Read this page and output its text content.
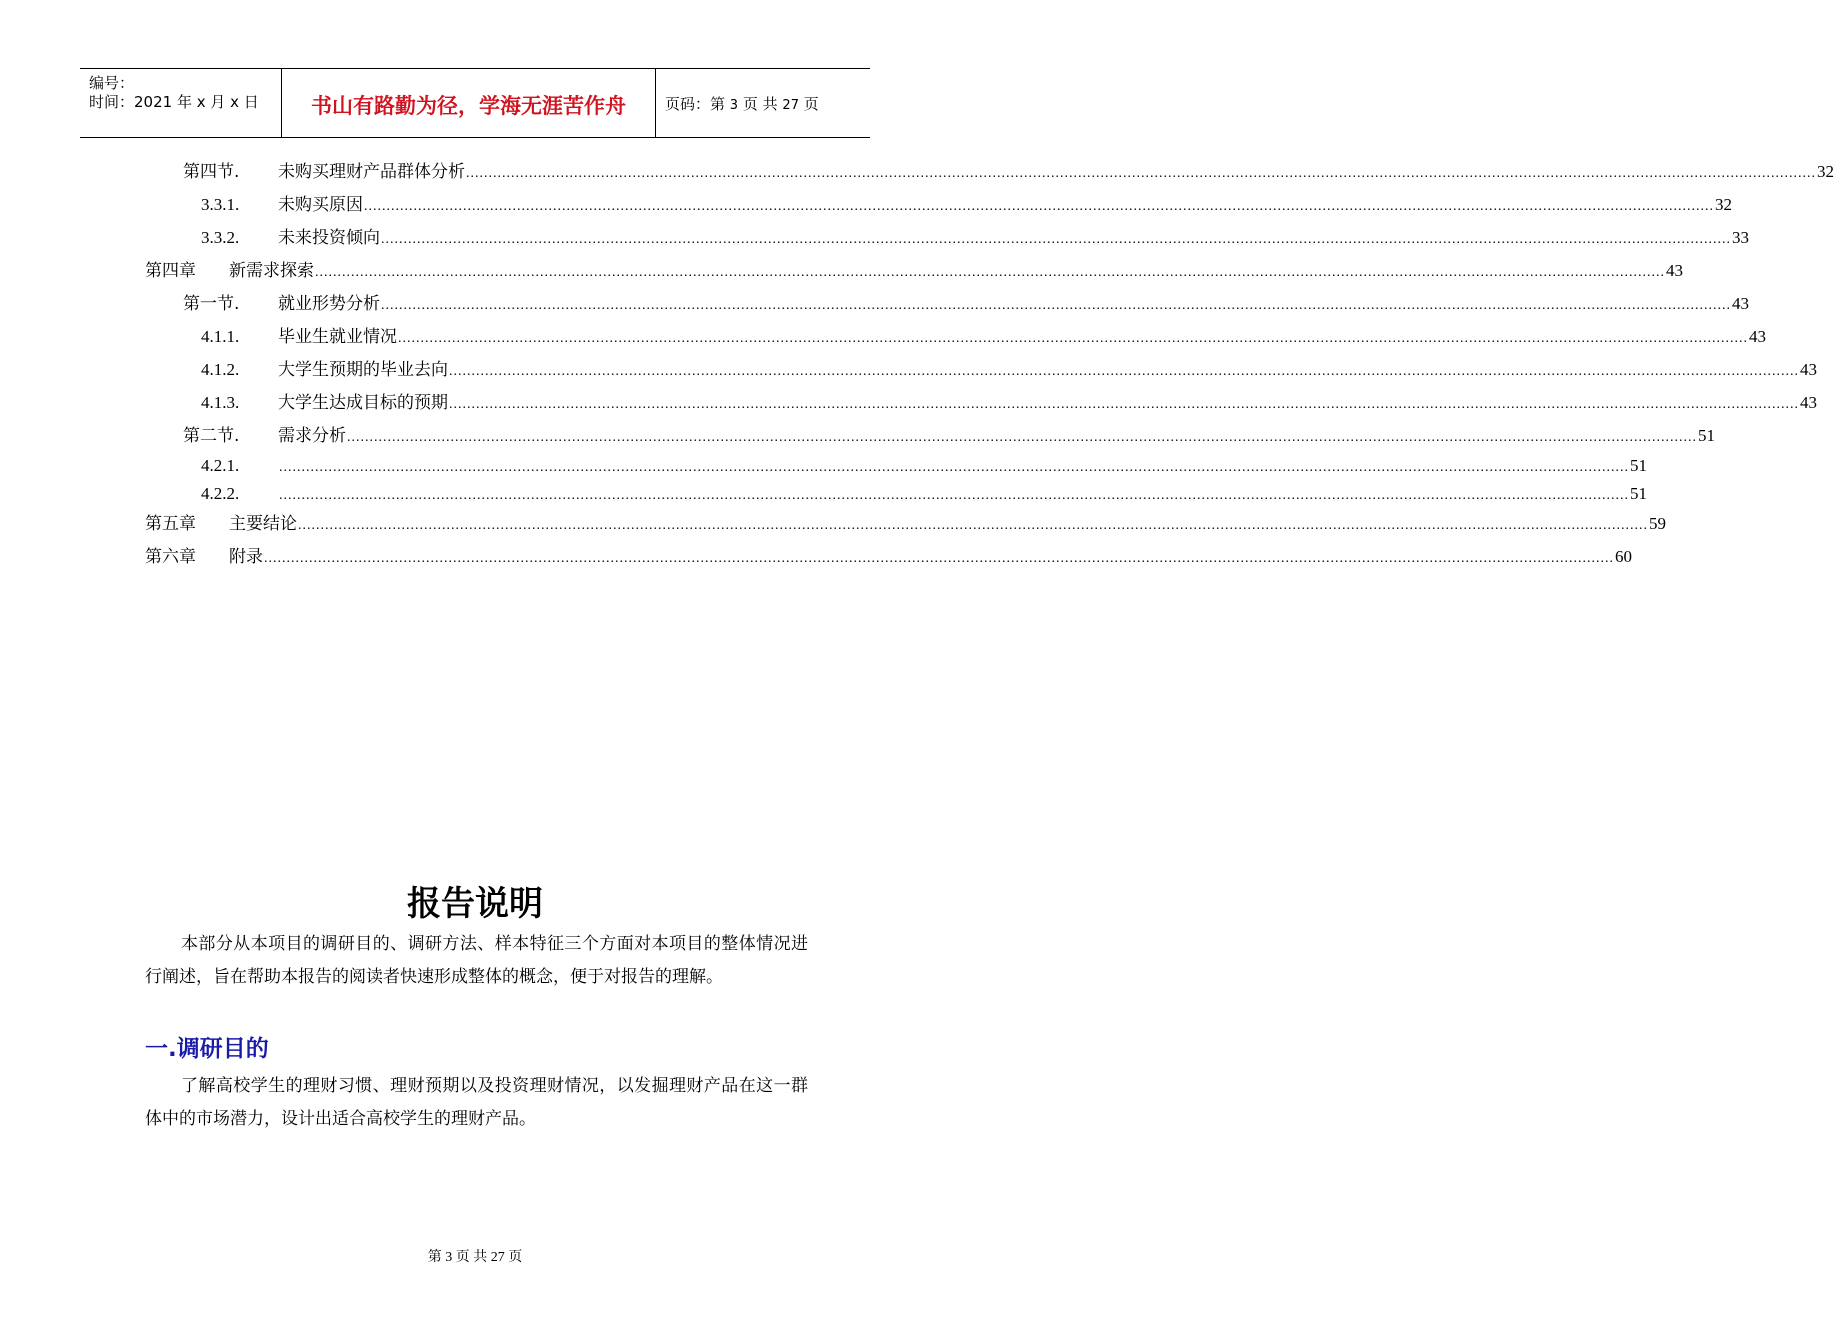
编号：
时间：2021 年 x 月 x 日	书山有路勤为径，学海无涯苦作舟	页码：第 3 页 共 27 页
第四节. 未购买理财产品群体分析 ............................................................................................................................................................................................................................................................................................................ 32
3.3.1. 未购买原因 ............................................................................................................................................................................................................................................................................................................ 32
3.3.2. 未来投资倾向 ............................................................................................................................................................................................................................................................................................................ 33
第四章 新需求探索 ............................................................................................................................................................................................................................................................................................................ 43
第一节. 就业形势分析 ............................................................................................................................................................................................................................................................................................................ 43
4.1.1. 毕业生就业情况 ............................................................................................................................................................................................................................................................................................................ 43
4.1.2. 大学生预期的毕业去向 ............................................................................................................................................................................................................................................................................................................ 43
4.1.3. 大学生达成目标的预期 ............................................................................................................................................................................................................................................................................................................ 43
第二节. 需求分析 ............................................................................................................................................................................................................................................................................................................ 51
4.2.1.	............................................................................................................................................................................................................................................................................................................ 51
4.2.2.	............................................................................................................................................................................................................................................................................................................ 51
第五章 主要结论 ............................................................................................................................................................................................................................................................................................................ 59
第六章 附录 ............................................................................................................................................................................................................................................................................................................ 60
报告说明
本部分从本项目的调研目的、调研方法、样本特征三个方面对本项目的整体情况进行阐述，旨在帮助本报告的阅读者快速形成整体的概念，便于对报告的理解。
一.调研目的
了解高校学生的理财习惯、理财预期以及投资理财情况，以发掘理财产品在这一群体中的市场潜力，设计出适合高校学生的理财产品。
第 3 页 共 27 页
